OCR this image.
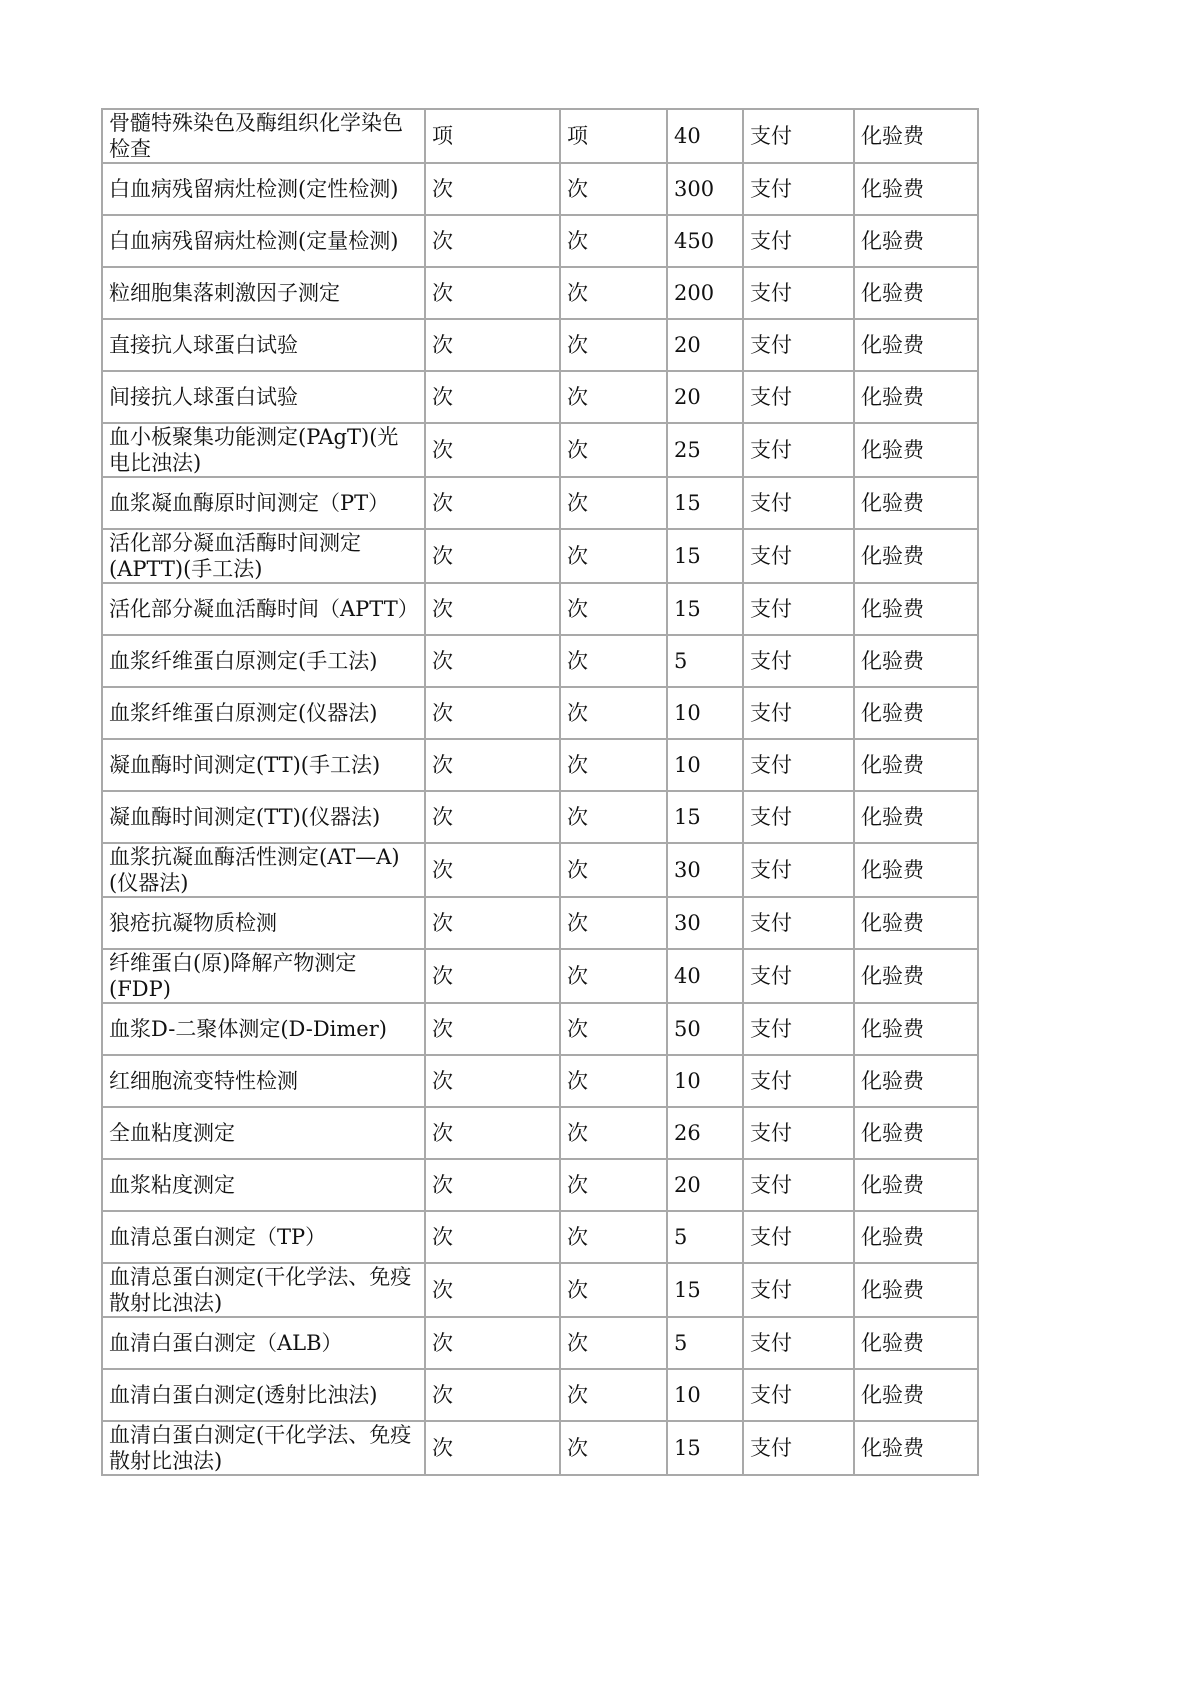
骨髓特殊染色及酶组织化学染色检查	项	项	40	支付	化验费
白血病残留病灶检测(定性检测)	次	次	300	支付	化验费
白血病残留病灶检测(定量检测)	次	次	450	支付	化验费
粒细胞集落刺激因子测定	次	次	200	支付	化验费
直接抗人球蛋白试验	次	次	20	支付	化验费
间接抗人球蛋白试验	次	次	20	支付	化验费
血小板聚集功能测定(PAgT)(光电比浊法)	次	次	25	支付	化验费
血浆凝血酶原时间测定（PT）	次	次	15	支付	化验费
活化部分凝血活酶时间测定(APTT)(手工法)	次	次	15	支付	化验费
活化部分凝血活酶时间（APTT）	次	次	15	支付	化验费
血浆纤维蛋白原测定(手工法)	次	次	5	支付	化验费
血浆纤维蛋白原测定(仪器法)	次	次	10	支付	化验费
凝血酶时间测定(TT)(手工法)	次	次	10	支付	化验费
凝血酶时间测定(TT)(仪器法)	次	次	15	支付	化验费
血浆抗凝血酶活性测定(AT—A)(仪器法)	次	次	30	支付	化验费
狼疮抗凝物质检测	次	次	30	支付	化验费
纤维蛋白(原)降解产物测定(FDP)	次	次	40	支付	化验费
血浆D-二聚体测定(D-Dimer)	次	次	50	支付	化验费
红细胞流变特性检测	次	次	10	支付	化验费
全血粘度测定	次	次	26	支付	化验费
血浆粘度测定	次	次	20	支付	化验费
血清总蛋白测定（TP）	次	次	5	支付	化验费
血清总蛋白测定(干化学法、免疫散射比浊法)	次	次	15	支付	化验费
血清白蛋白测定（ALB）	次	次	5	支付	化验费
血清白蛋白测定(透射比浊法)	次	次	10	支付	化验费
血清白蛋白测定(干化学法、免疫散射比浊法)	次	次	15	支付	化验费
